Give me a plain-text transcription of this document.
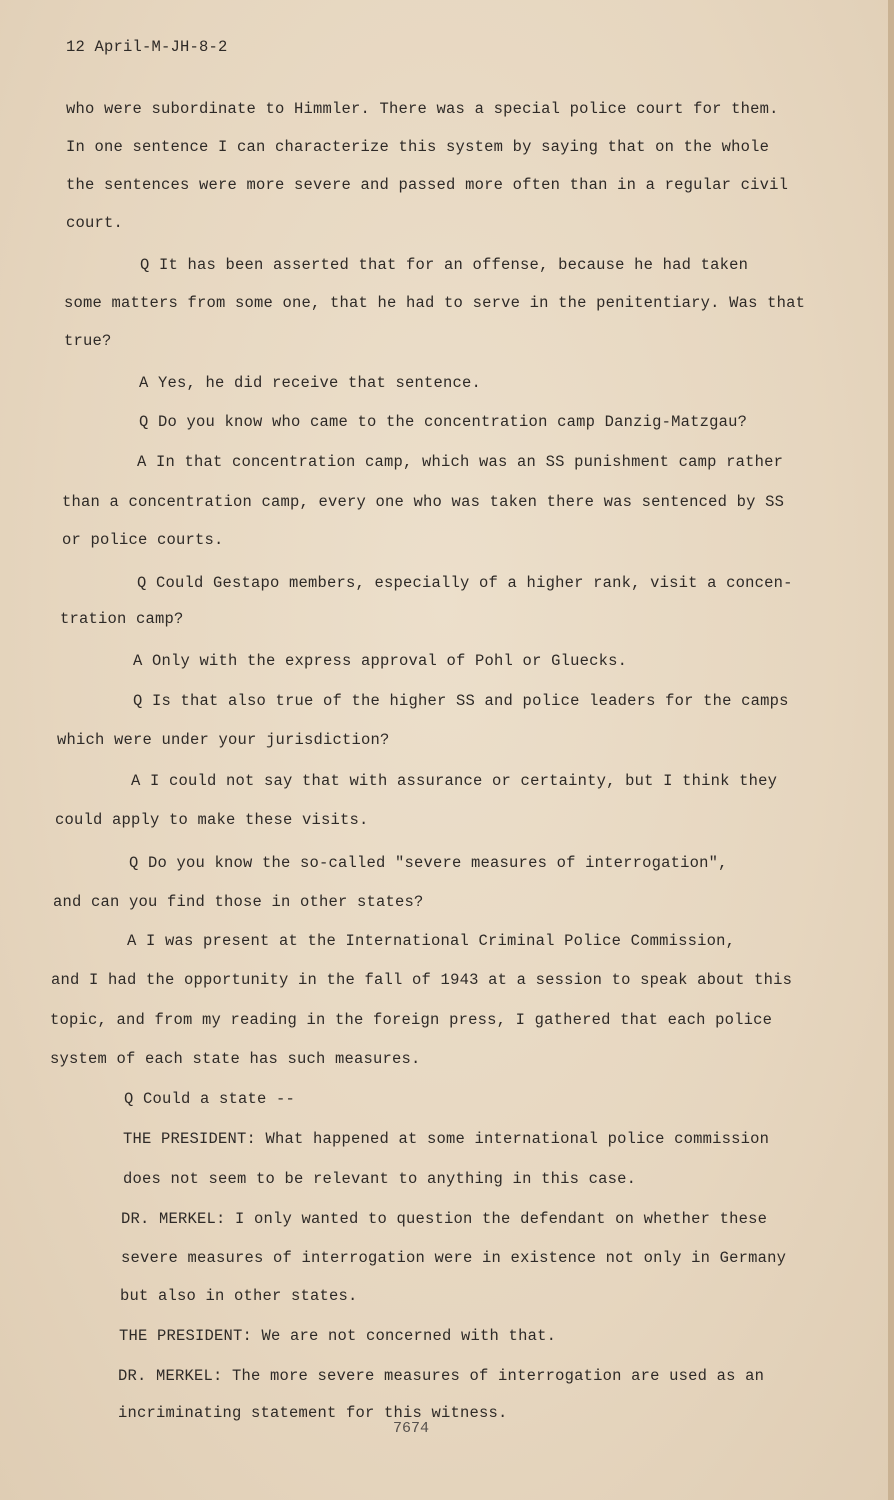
12 April-M-JH-8-2
who were subordinate to Himmler. There was a special police court for them.
In one sentence I can characterize this system by saying that on the whole
the sentences were more severe and passed more often than in a regular civil
court.
Q It has been asserted that for an offense, because he had taken
some matters from some one, that he had to serve in the penitentiary. Was that
true?
A Yes, he did receive that sentence.
Q Do you know who came to the concentration camp Danzig-Matzgau?
A In that concentration camp, which was an SS punishment camp rather
than a concentration camp, every one who was taken there was sentenced by SS
or police courts.
Q Could Gestapo members, especially of a higher rank, visit a concen-
tration camp?
A Only with the express approval of Pohl or Gluecks.
Q Is that also true of the higher SS and police leaders for the camps
which were under your jurisdiction?
A I could not say that with assurance or certainty, but I think they
could apply to make these visits.
Q Do you know the so-called "severe measures of interrogation",
and can you find those in other states?
A I was present at the International Criminal Police Commission,
and I had the opportunity in the fall of 1943 at a session to speak about this
topic, and from my reading in the foreign press, I gathered that each police
system of each state has such measures.
Q Could a state --
THE PRESIDENT: What happened at some international police commission
does not seem to be relevant to anything in this case.
DR. MERKEL: I only wanted to question the defendant on whether these
severe measures of interrogation were in existence not only in Germany
but also in other states.
THE PRESIDENT: We are not concerned with that.
DR. MERKEL: The more severe measures of interrogation are used as an
incriminating statement for this witness.
7674
